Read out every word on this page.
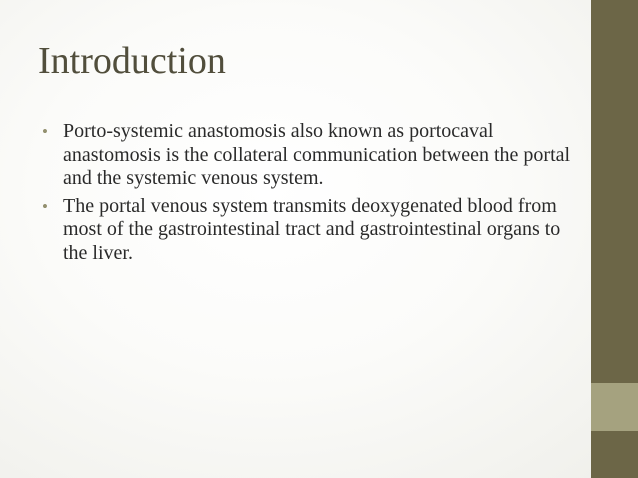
Introduction
• Porto-systemic anastomosis also known as portocaval anastomosis is the collateral communication between the portal and the systemic venous system.
• The portal venous system transmits deoxygenated blood from most of the gastrointestinal tract and gastrointestinal organs to the liver.
